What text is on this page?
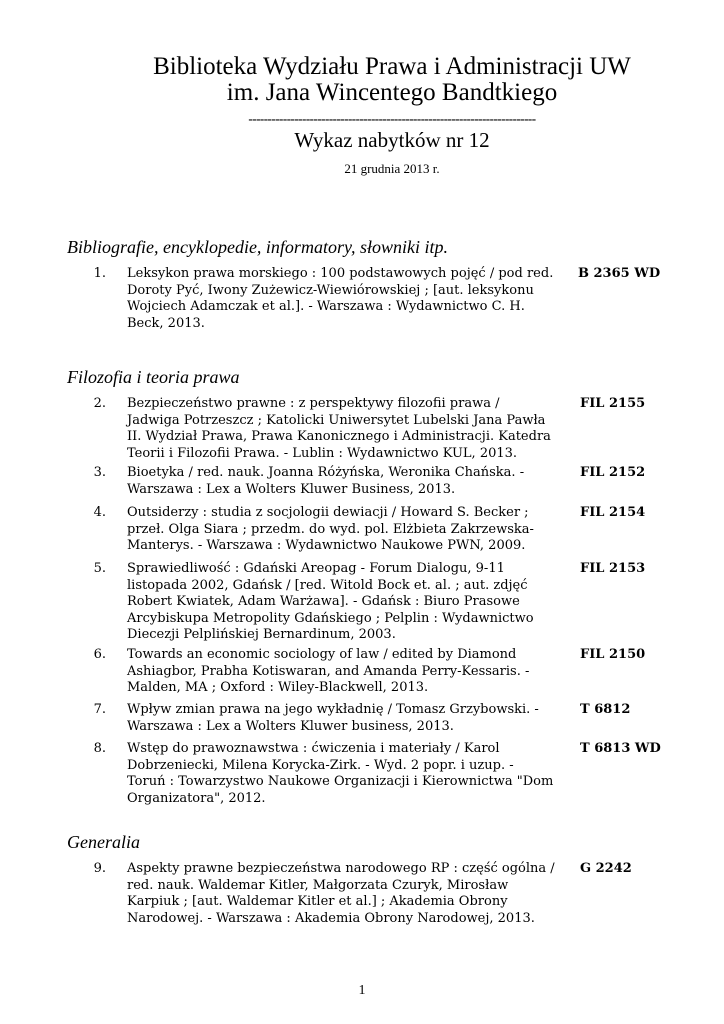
Biblioteka Wydziału Prawa i Administracji UW
im. Jana Wincentego Bandtkiego
---------------------------------------------------------------------------
Wykaz nabytków nr 12
21 grudnia 2013 r.
Bibliografie, encyklopedie, informatory, słowniki itp.
1. Leksykon prawa morskiego : 100 podstawowych pojęć / pod red. Doroty Pyć, Iwony Zużewicz-Wiewiórowskiej ; [aut. leksykonu Wojciech Adamczak et al.]. - Warszawa : Wydawnictwo C. H. Beck, 2013.
B 2365 WD
Filozofia i teoria prawa
2. Bezpieczeństwo prawne : z perspektywy filozofii prawa / Jadwiga Potrzeszcz ; Katolicki Uniwersytet Lubelski Jana Pawła II. Wydział Prawa, Prawa Kanonicznego i Administracji. Katedra Teorii i Filozofii Prawa. - Lublin : Wydawnictwo KUL, 2013.
FIL 2155
3. Bioetyka / red. nauk. Joanna Różyńska, Weronika Chańska. - Warszawa : Lex a Wolters Kluwer Business, 2013.
FIL 2152
4. Outsiderzy : studia z socjologii dewiacji / Howard S. Becker ; przeł. Olga Siara ; przedm. do wyd. pol. Elżbieta Zakrzewska-Manterys. - Warszawa : Wydawnictwo Naukowe PWN, 2009.
FIL 2154
5. Sprawiedliwość : Gdański Areopag - Forum Dialogu, 9-11 listopada 2002, Gdańsk / [red. Witold Bock et. al. ; aut. zdjęć Robert Kwiatek, Adam Warżawa]. - Gdańsk : Biuro Prasowe Arcybiskupa Metropolity Gdańskiego ; Pelplin : Wydawnictwo Diecezji Pelplińskiej Bernardinum, 2003.
FIL 2153
6. Towards an economic sociology of law / edited by Diamond Ashiagbor, Prabha Kotiswaran, and Amanda Perry-Kessaris. - Malden, MA ; Oxford : Wiley-Blackwell, 2013.
FIL 2150
7. Wpływ zmian prawa na jego wykładnię / Tomasz Grzybowski. - Warszawa : Lex a Wolters Kluwer business, 2013.
T 6812
8. Wstęp do prawoznawstwa : ćwiczenia i materiały / Karol Dobrzeniecki, Milena Korycka-Zirk. - Wyd. 2 popr. i uzup. - Toruń : Towarzystwo Naukowe Organizacji i Kierownictwa "Dom Organizatora", 2012.
T 6813 WD
Generalia
9. Aspekty prawne bezpieczeństwa narodowego RP : część ogólna / red. nauk. Waldemar Kitler, Małgorzata Czuryk, Mirosław Karpiuk ; [aut. Waldemar Kitler et al.] ; Akademia Obrony Narodowej. - Warszawa : Akademia Obrony Narodowej, 2013.
G 2242
1
